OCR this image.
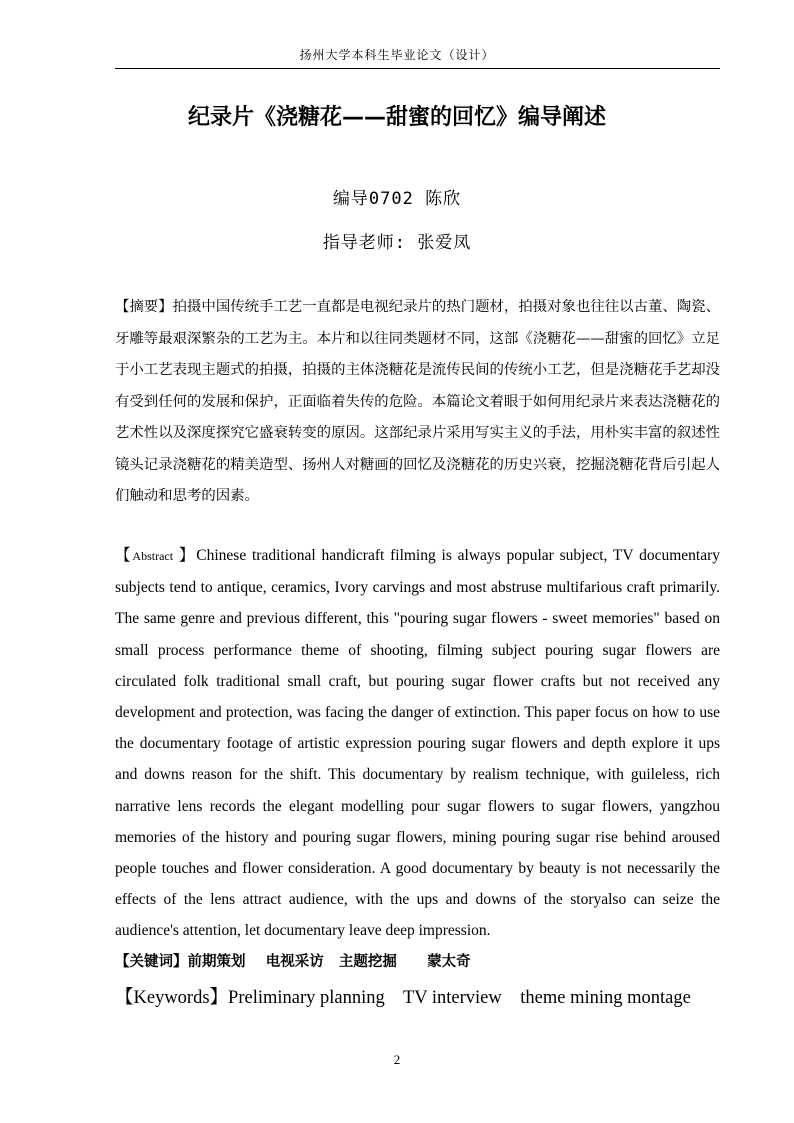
扬州大学本科生毕业论文（设计）
纪录片《浇糖花——甜蜜的回忆》编导阐述
编导0702 陈欣
指导老师: 张爱凤

【摘要】拍摄中国传统手工艺一直都是电视纪录片的热门题材，拍摄对象也往往以古董、陶瓷、牙雕等最艰深繁杂的工艺为主。本片和以往同类题材不同，这部《浇糖花——甜蜜的回忆》立足于小工艺表现主题式的拍摄，拍摄的主体浇糖花是流传民间的传统小工艺，但是浇糖花手艺却没有受到任何的发展和保护，正面临着失传的危险。本篇论文着眼于如何用纪录片来表达浇糖花的艺术性以及深度探究它盛衰转变的原因。这部纪录片采用写实主义的手法，用朴实丰富的叙述性镜头记录浇糖花的精美造型、扬州人对糖画的回忆及浇糖花的历史兴衰，挖掘浇糖花背后引起人们触动和思考的因素。

【Abstract 】Chinese traditional handicraft filming is always popular subject, TV documentary subjects tend to antique, ceramics, Ivory carvings and most abstruse multifarious craft primarily. The same genre and previous different, this "pouring sugar flowers - sweet memories" based on small process performance theme of shooting, filming subject pouring sugar flowers are circulated folk traditional small craft, but pouring sugar flower crafts but not received any development and protection, was facing the danger of extinction. This paper focus on how to use the documentary footage of artistic expression pouring sugar flowers and depth explore it ups and downs reason for the shift. This documentary by realism technique, with guileless, rich narrative lens records the elegant modelling pour sugar flowers to sugar flowers, yangzhou memories of the history and pouring sugar flowers, mining pouring sugar rise behind aroused people touches and flower consideration. A good documentary by beauty is not necessarily the effects of the lens attract audience, with the ups and downs of the storyalso can seize the audience's attention, let documentary leave deep impression.

【关键词】前期策划 电视采访 主题挖掘 蒙太奇
【Keywords】Preliminary planning TV interview theme mining montage
2
